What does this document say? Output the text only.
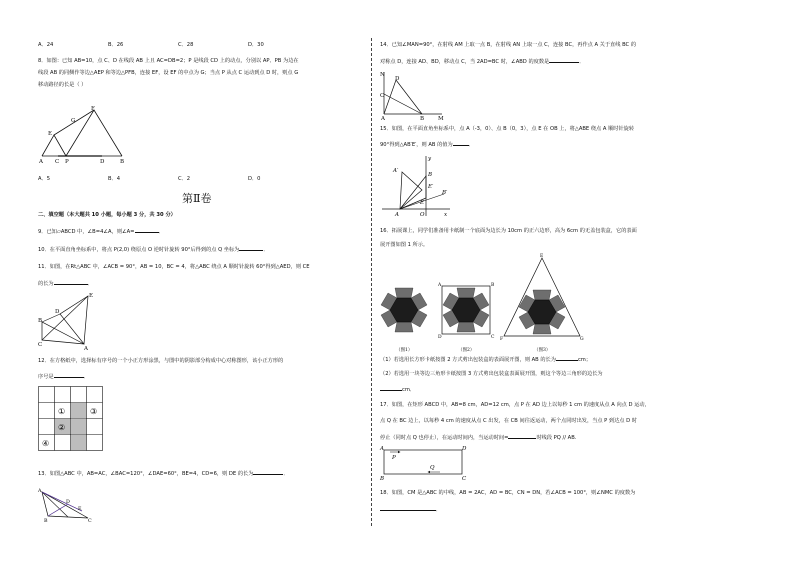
A．24	B．26	C．28	D．30
8．如图：已知 AB=10，点 C、D 在线段 AB 上且 AC=DB=2；P 是线段 CD 上的动点，分别以 AP、PB 为边在
线段 AB 的同侧作等边△AEP 和等边△PFB，连接 EF，设 EF 的中点为 G；当点 P 从点 C 运动到点 D 时，则点 G
移动路径的长是（ ）
F
G
E
A C P	D	B
A．5	B．4	C．2	D．0
第Ⅱ卷
二、填空题（本大题共 10 小题，每小题 3 分，共 30 分）
9．已知▱ABCD 中，∠B=4∠A，则∠A=	．
10．在平面直角坐标系中，将点 P(2,0) 绕原点 O 逆时针旋转 90°后得到的点 Q 坐标为	．
11．如图，在Rt△ABC 中，∠ACB = 90°，AB = 10，BC = 4，将△ABC 绕点 A 顺时针旋转 60°得到△AED，则 CE
的长为	．
E
D
B
C
A
12．在方格纸中，选择标有序号的一个小正方形涂黑，与图中的阴影部分构成中心对称图形，该小正方形的
序号是	．
①
②
③
④
13．如图△ABC 中，AB=AC，∠BAC=120°，∠DAE=60°，BE=4，CD=6，则 DE 的长为	．
A
B
D
E
C
14．已知∠MAN=90°，在射线 AM 上取一点 B，在射线 AN 上取一点 C，连接 BC，再作点 A 关于直线 BC 的
对称点 D，连接 AD、BD，移动点 C，当 2AD=BC 时，∠ABD 的度数是	．
N
D
C
A	B	M
15．如图，在平面直角坐标系中，点 A（-3，0）、点 B（0，3），点 E 在 OB 上，将△ABE 绕点 A 顺时针旋转
90°得到△AB′E′，则 AB 的值为	．
y
A′
B
E
B′
A	O	x
E′
16．拓展课上，同学们准备用卡纸制一个底面为边长为 10cm 的正六边形，高为 6cm 的无盖包装盒，它的表面
展开图如图 1 所示。
A	B
D	C
E
F	G
（图1）	（图2）	（图3）
（1）若选用长方形卡纸按图 2 方式剪出包装盒的表面展开图，则 AB 的长为	cm；
（2）若选用一块等边三角形卡纸按图 3 方式剪出包装盒表面展开图，则这个等边三角形的边长为
cm．
17．如图，在矩形 ABCD 中，AB=8 cm，AD=12 cm，点 P 在 AD 边上以每秒 1 cm 的速度从点 A 向点 D 运动，
点 Q 在 BC 边上，以每秒 4 cm 的速度从点 C 出发，在 CB 间往返运动，两个点同时出发，当点 P 到达点 D 时
停止（同时点 Q 也停止），在运动时间内，当运动时间=	时线段 PQ // AB.
A
P
D
B
Q
C
18．如图，CM 是△ABC 的中线，AB = 2AC，AD = BC，CN = DN，若∠ACB = 100°，则∠NMC 的度数为
．
